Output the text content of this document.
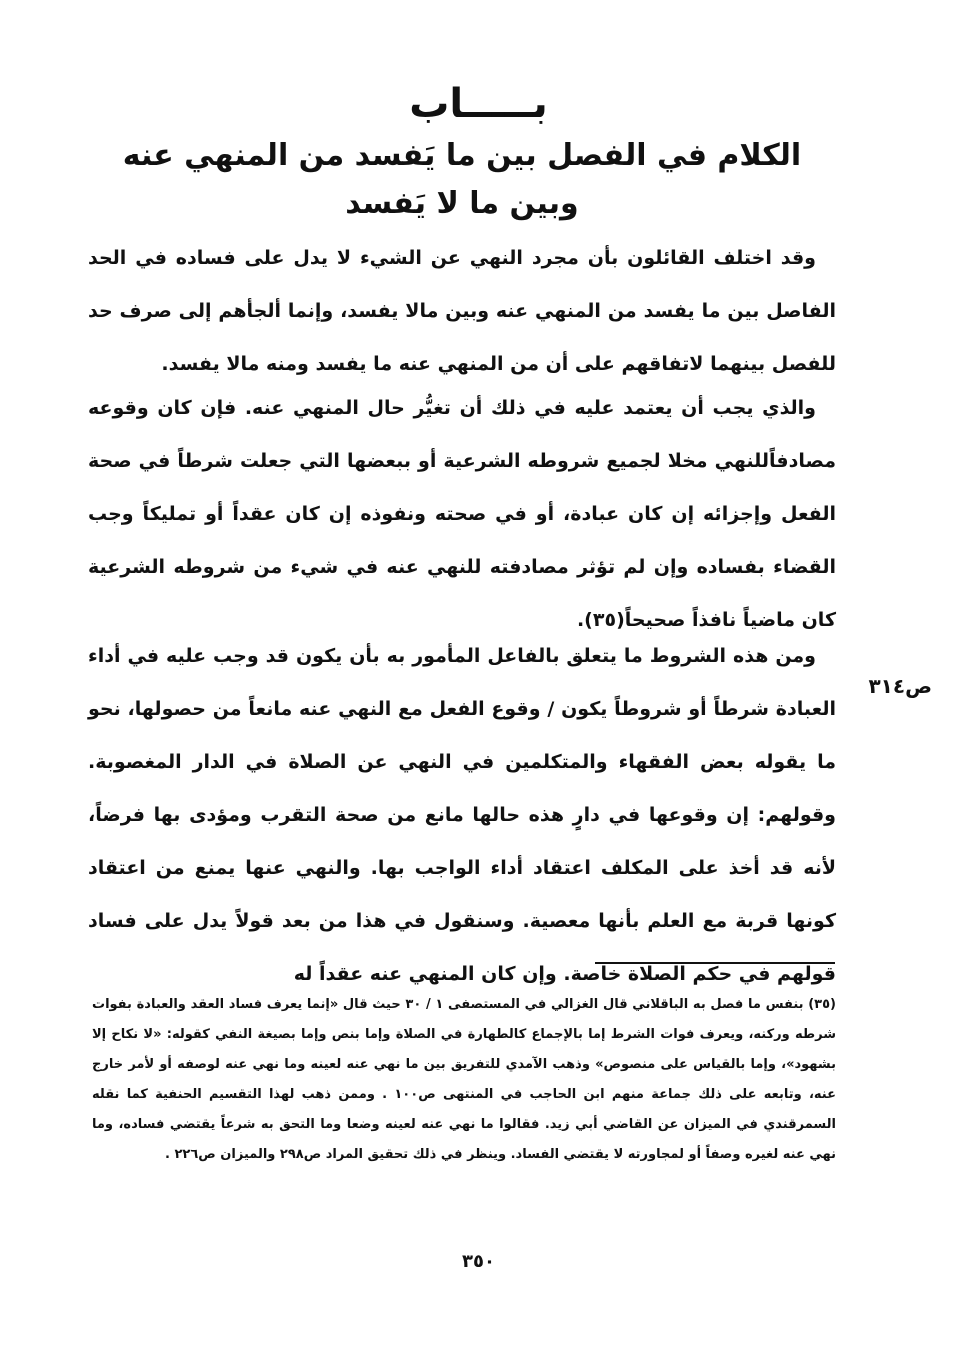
بـــــاب
الكلام في الفصل بين ما يَفسد من المنهي عنه وبين ما لا يَفسد
وقد اختلف القائلون بأن مجرد النهي عن الشيء لا يدل على فساده في الحد الفاصل بين ما يفسد من المنهي عنه وبين مالا يفسد، وإنما ألجأهم إلى صرف حد للفصل بينهما لاتفاقهم على أن من المنهي عنه ما يفسد ومنه مالا يفسد.
والذي يجب أن يعتمد عليه في ذلك أن تغيُّر حال المنهي عنه. فإن كان وقوعه مصادفاًللنهي مخلا لجميع شروطه الشرعية أو ببعضها التي جعلت شرطاً في صحة الفعل وإجزائه إن كان عبادة، أو في صحته ونفوذه إن كان عقداً أو تمليكاً وجب القضاء بفساده وإن لم تؤثر مصادفته للنهي عنه في شيء من شروطه الشرعية كان ماضياً نافذاً صحيحاً(٣٥).
ومن هذه الشروط ما يتعلق بالفاعل المأمور به بأن يكون قد وجب عليه في أداء العبادة شرطاً أو شروطاً يكون / وقوع الفعل مع النهي عنه مانعاً من حصولها، نحو ما يقوله بعض الفقهاء والمتكلمين في النهي عن الصلاة في الدار المغصوبة. وقولهم: إن وقوعها في دارٍ هذه حالها مانع من صحة التقرب ومؤدى بها فرضاً، لأنه قد أخذ على المكلف اعتقاد أداء الواجب بها. والنهي عنها يمنع من اعتقاد كونها قربة مع العلم بأنها معصية. وسنقول في هذا من بعد قولاً يدل على فساد قولهم في حكم الصلاة خاصة. وإن كان المنهي عنه عقداً له
ص٣١٤
(٣٥) بنفس ما فصل به الباقلاني قال الغزالي في المستصفى ١ / ٣٠ حيث قال «إنما يعرف فساد العقد والعبادة بفوات شرطه وركنه، ويعرف فوات الشرط إما بالإجماع كالطهارة في الصلاة وإما بنص وإما بصيغة النفي كقوله: «لا نكاح إلا بشهود»، وإما بالقياس على منصوص» وذهب الآمدي للتفريق بين ما نهي عنه لعينه وما نهي عنه لوصفه أو لأمر خارج عنه، وتابعه على ذلك جماعة منهم ابن الحاجب في المنتهى ص١٠٠ . وممن ذهب لهذا التقسيم الحنفية كما نقله السمرقندي في الميزان عن القاضي أبي زيد. فقالوا ما نهي عنه لعينه وضعا وما التحق به شرعاً يقتضي فساده، وما نهي عنه لغيره وصفاً أو لمجاورته لا يقتضي الفساد. وينظر في ذلك تحقيق المراد ص٢٩٨ والميزان ص٢٢٦ .
٣٥٠
